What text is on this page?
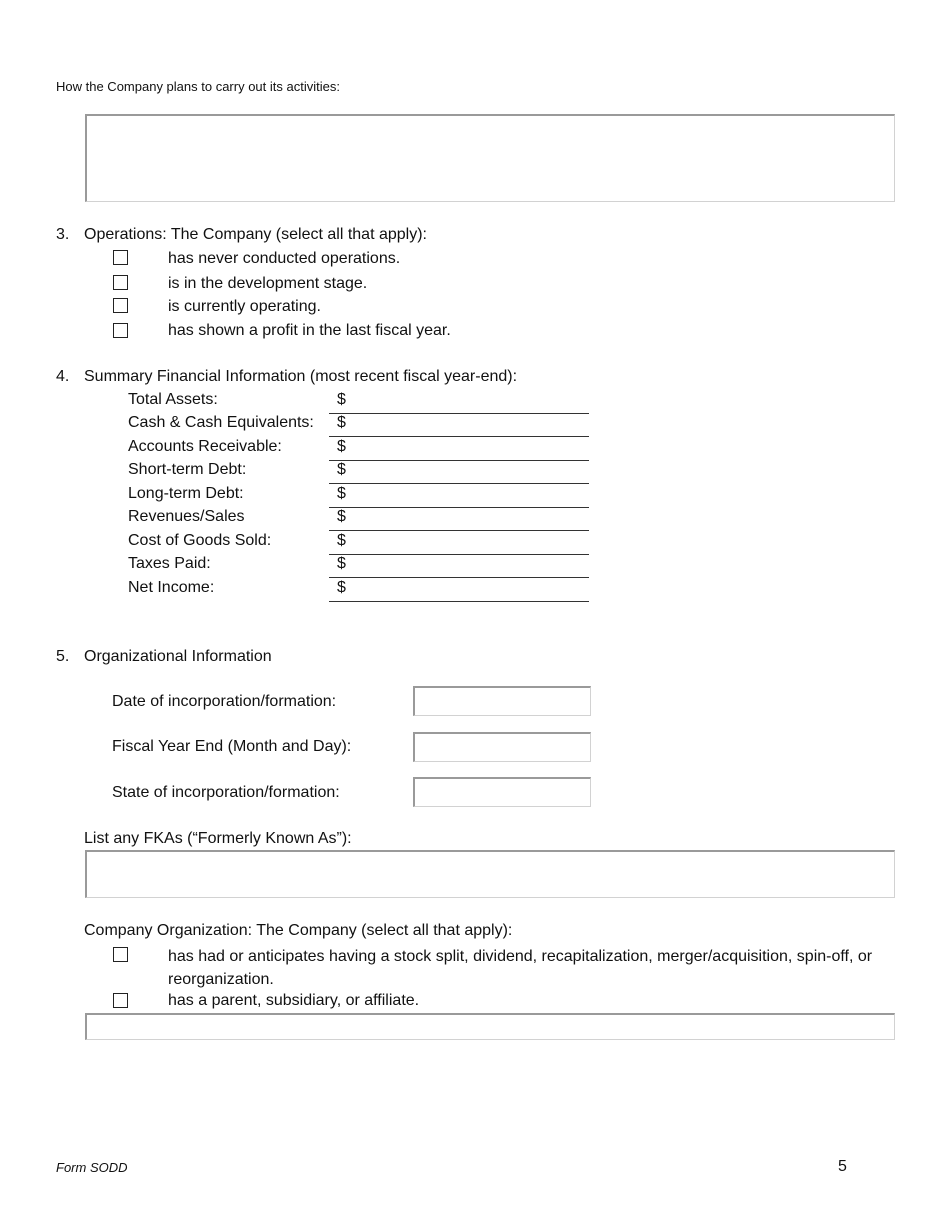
How the Company plans to carry out its activities:
3. Operations: The Company (select all that apply):
has never conducted operations.
is in the development stage.
is currently operating.
has shown a profit in the last fiscal year.
4. Summary Financial Information (most recent fiscal year-end):
Total Assets:	$
Cash & Cash Equivalents: $
Accounts Receivable:	$
Short-term Debt:	$
Long-term Debt:	$
Revenues/Sales	$
Cost of Goods Sold:	$
Taxes Paid:	$
Net Income:	$
5. Organizational Information
Date of incorporation/formation:
Fiscal Year End (Month and Day):
State of incorporation/formation:
List any FKAs (“Formerly Known As”):
Company Organization: The Company (select all that apply):
has had or anticipates having a stock split, dividend, recapitalization, merger/acquisition, spin-off, or reorganization.
has a parent, subsidiary, or affiliate.
Form SODD	5
